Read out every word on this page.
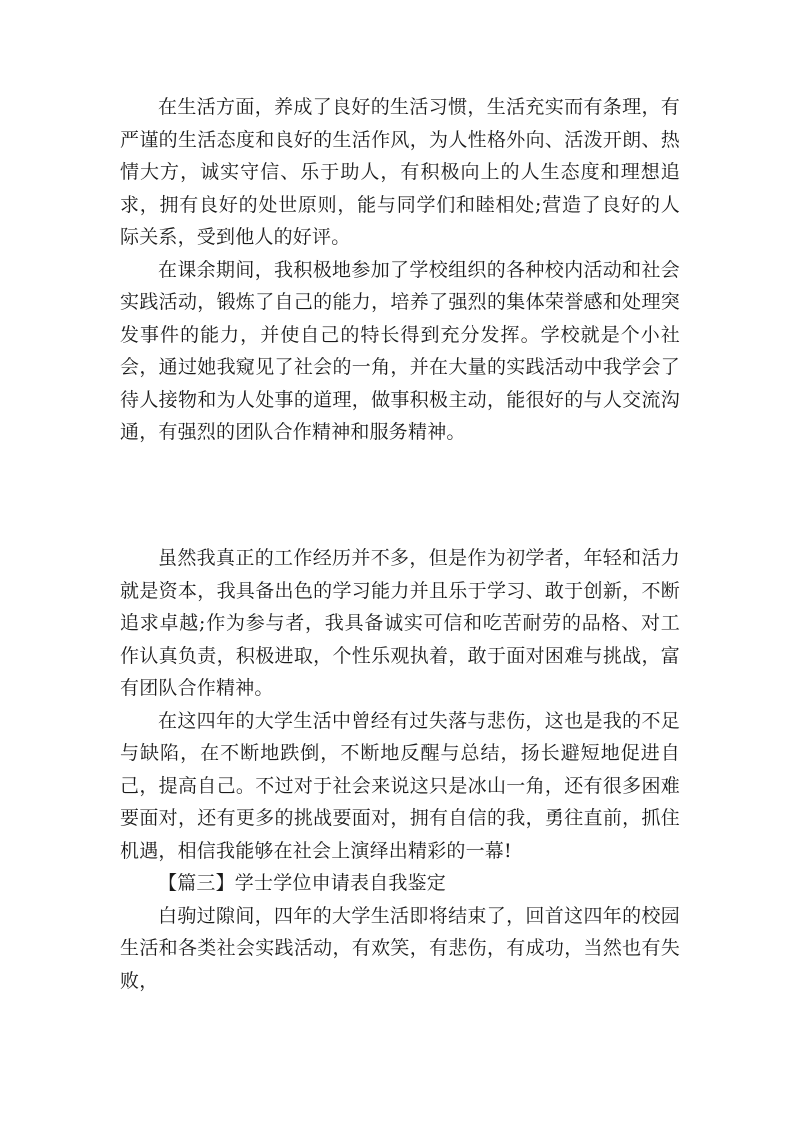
在生活方面，养成了良好的生活习惯，生活充实而有条理，有严谨的生活态度和良好的生活作风，为人性格外向、活泼开朗、热情大方，诚实守信、乐于助人，有积极向上的人生态度和理想追求，拥有良好的处世原则，能与同学们和睦相处;营造了良好的人际关系，受到他人的好评。

在课余期间，我积极地参加了学校组织的各种校内活动和社会实践活动，锻炼了自己的能力，培养了强烈的集体荣誉感和处理突发事件的能力，并使自己的特长得到充分发挥。学校就是个小社会，通过她我窥见了社会的一角，并在大量的实践活动中我学会了待人接物和为人处事的道理，做事积极主动，能很好的与人交流沟通，有强烈的团队合作精神和服务精神。

虽然我真正的工作经历并不多，但是作为初学者，年轻和活力就是资本，我具备出色的学习能力并且乐于学习、敢于创新，不断追求卓越;作为参与者，我具备诚实可信和吃苦耐劳的品格、对工作认真负责，积极进取，个性乐观执着，敢于面对困难与挑战，富有团队合作精神。

在这四年的大学生活中曾经有过失落与悲伤，这也是我的不足与缺陷，在不断地跌倒，不断地反醒与总结，扬长避短地促进自己，提高自己。不过对于社会来说这只是冰山一角，还有很多困难要面对，还有更多的挑战要面对，拥有自信的我，勇往直前，抓住机遇，相信我能够在社会上演绎出精彩的一幕!

【篇三】学士学位申请表自我鉴定

白驹过隙间，四年的大学生活即将结束了，回首这四年的校园生活和各类社会实践活动，有欢笑，有悲伤，有成功，当然也有失败，
